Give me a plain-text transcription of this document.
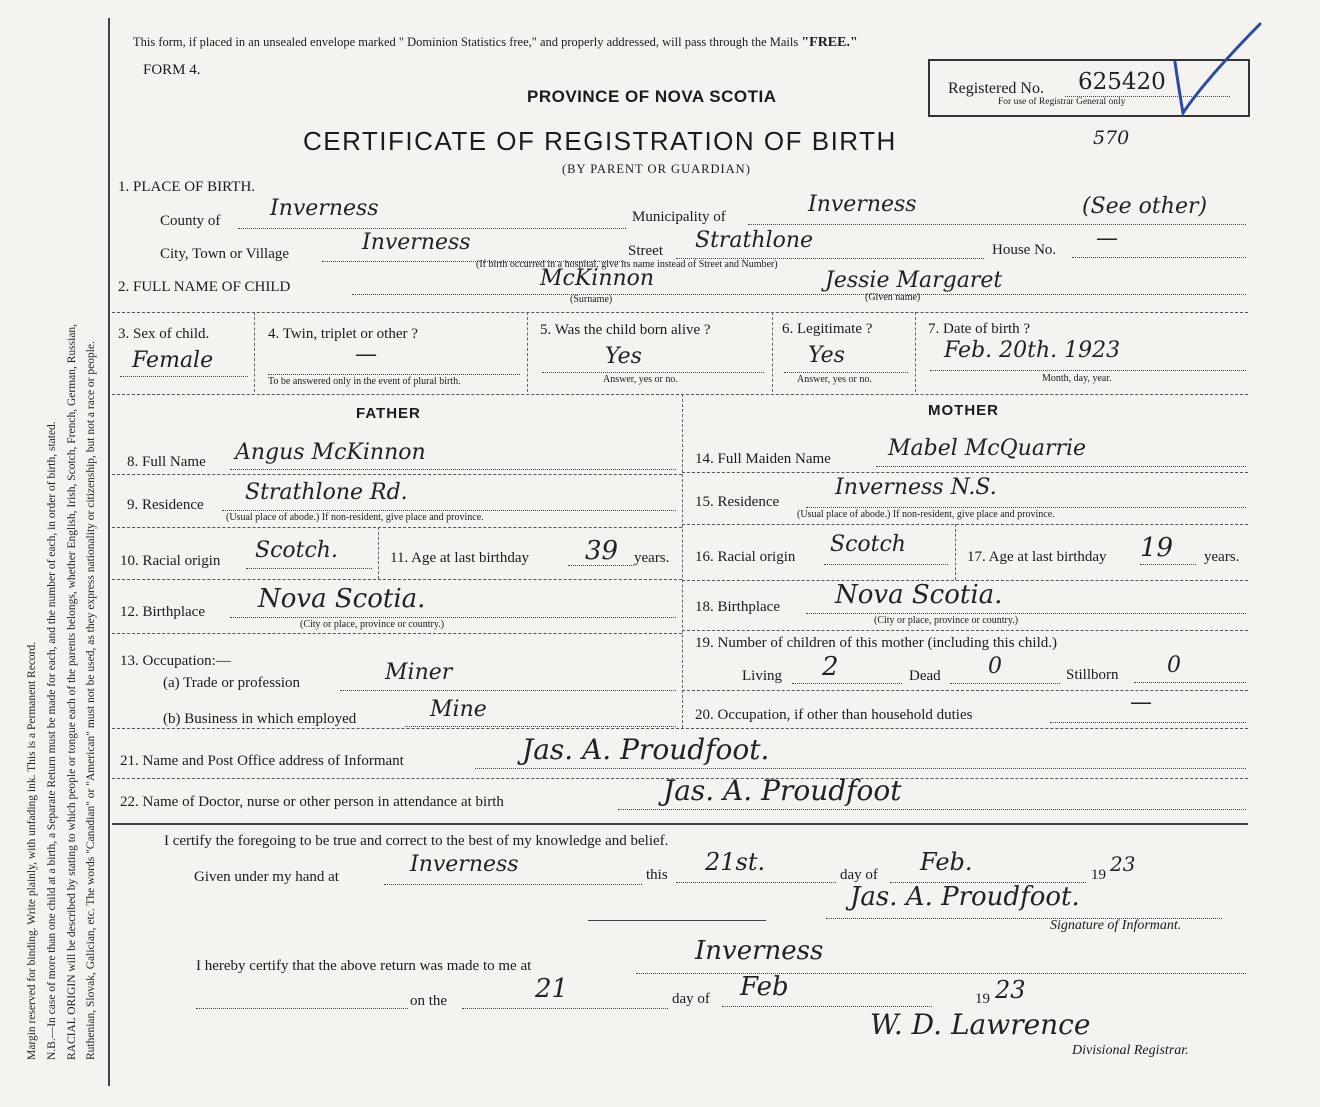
Margin reserved for binding. Write plainly, with unfading ink. This is a Permanent Record. N.B.—In case of more than one child at a birth, a Separate Return must be made for each, and the number of each, in order of birth, stated. RACIAL ORIGIN will be described by stating to which people or tongue each of the parents belongs, whether English, Irish, Scotch, French, German, Russian, Ruthenian, Slovak, Galician, etc. The words "Canadian" or "American" must not be used, as they express nationality or citizenship, but not a race or people.
This form, if placed in an unsealed envelope marked " Dominion Statistics free," and properly addressed, will pass through the Mails "FREE."
FORM 4.
PROVINCE OF NOVA SCOTIA
CERTIFICATE OF REGISTRATION OF BIRTH
(BY PARENT OR GUARDIAN)
570
Registered No. 625420
For use of Registrar General only
1. PLACE OF BIRTH.
County of Inverness	Municipality of	Inverness	(See other)
City, Town or Village	Inverness	Street Strathlone	House No. —
(If birth occurred in a hospital, give its name instead of Street and Number)
2. FULL NAME OF CHILD	McKinnon
(Surname)
Jessie Margaret
(Given name)
3. Sex of child.
Female
4. Twin, triplet or other ?
—
To be answered only in the event of plural birth.
5. Was the child born alive ?
Yes
Answer, yes or no.
6. Legitimate ?
Yes
Answer, yes or no.
7. Date of birth ?
Feb. 20th. 1923
Month, day, year.
FATHER	MOTHER
8. Full Name Angus McKinnon
9. Residence Strathlone Rd.
(Usual place of abode.) If non-resident, give place and province.
10. Racial origin Scotch.	11. Age at last birthday 39 years.
12. Birthplace Nova Scotia.
(City or place, province or country.)
13. Occupation:—
(a) Trade or profession	Miner
(b) Business in which employed	Mine
14. Full Maiden Name	Mabel McQuarrie
15. Residence
Inverness N.S.
(Usual place of abode.) If non-resident, give place and province.
16. Racial origin Scotch	17. Age at last birthday 19 years.
18. Birthplace Nova Scotia.
(City or place, province or country.)
19. Number of children of this mother (including this child.)
Living 2	Dead 0	Stillborn 0
20. Occupation, if other than household duties	—
21. Name and Post Office address of Informant	Jas. A. Proudfoot.
22. Name of Doctor, nurse or other person in attendance at birth	Jas. A. Proudfoot
I certify the foregoing to be true and correct to the best of my knowledge and belief.
Given under my hand at	Inverness	this 21st.	day of Feb.	19 23
Jas. A. Proudfoot.
Signature of Informant.
I hereby certify that the above return was made to me at	Inverness
on the	21	day of Feb	19 23
W. D. Lawrence
Divisional Registrar.
